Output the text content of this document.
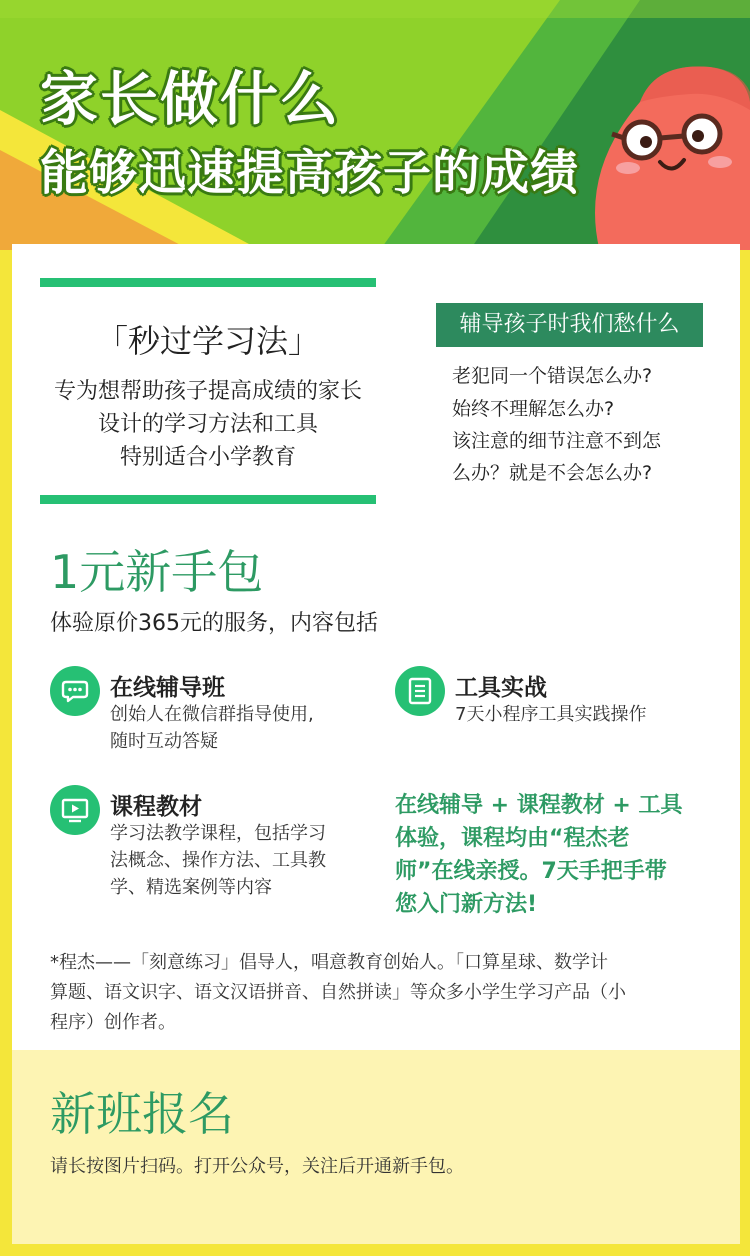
家长做什么
能够迅速提高孩子的成绩
「秒过学习法」
专为想帮助孩子提高成绩的家长
设计的学习方法和工具
特别适合小学教育
辅导孩子时我们愁什么
老犯同一个错误怎么办?
始终不理解怎么办?
该注意的细节注意不到怎
么办？就是不会怎么办?
1元新手包
体验原价365元的服务，内容包括
在线辅导班
创始人在微信群指导使用,
随时互动答疑
工具实战
7天小程序工具实践操作
课程教材
学习法教学课程，包括学习
法概念、操作方法、工具教
学、精选案例等内容
在线辅导 + 课程教材 + 工具
体验，课程均由“程杰老
师”在线亲授。7天手把手带
您入门新方法!
*程杰——「刻意练习」倡导人，唱意教育创始人。「口算星球、数学计
算题、语文识字、语文汉语拼音、自然拼读」等众多小学生学习产品（小
程序）创作者。
新班报名
请长按图片扫码。打开公众号，关注后开通新手包。
